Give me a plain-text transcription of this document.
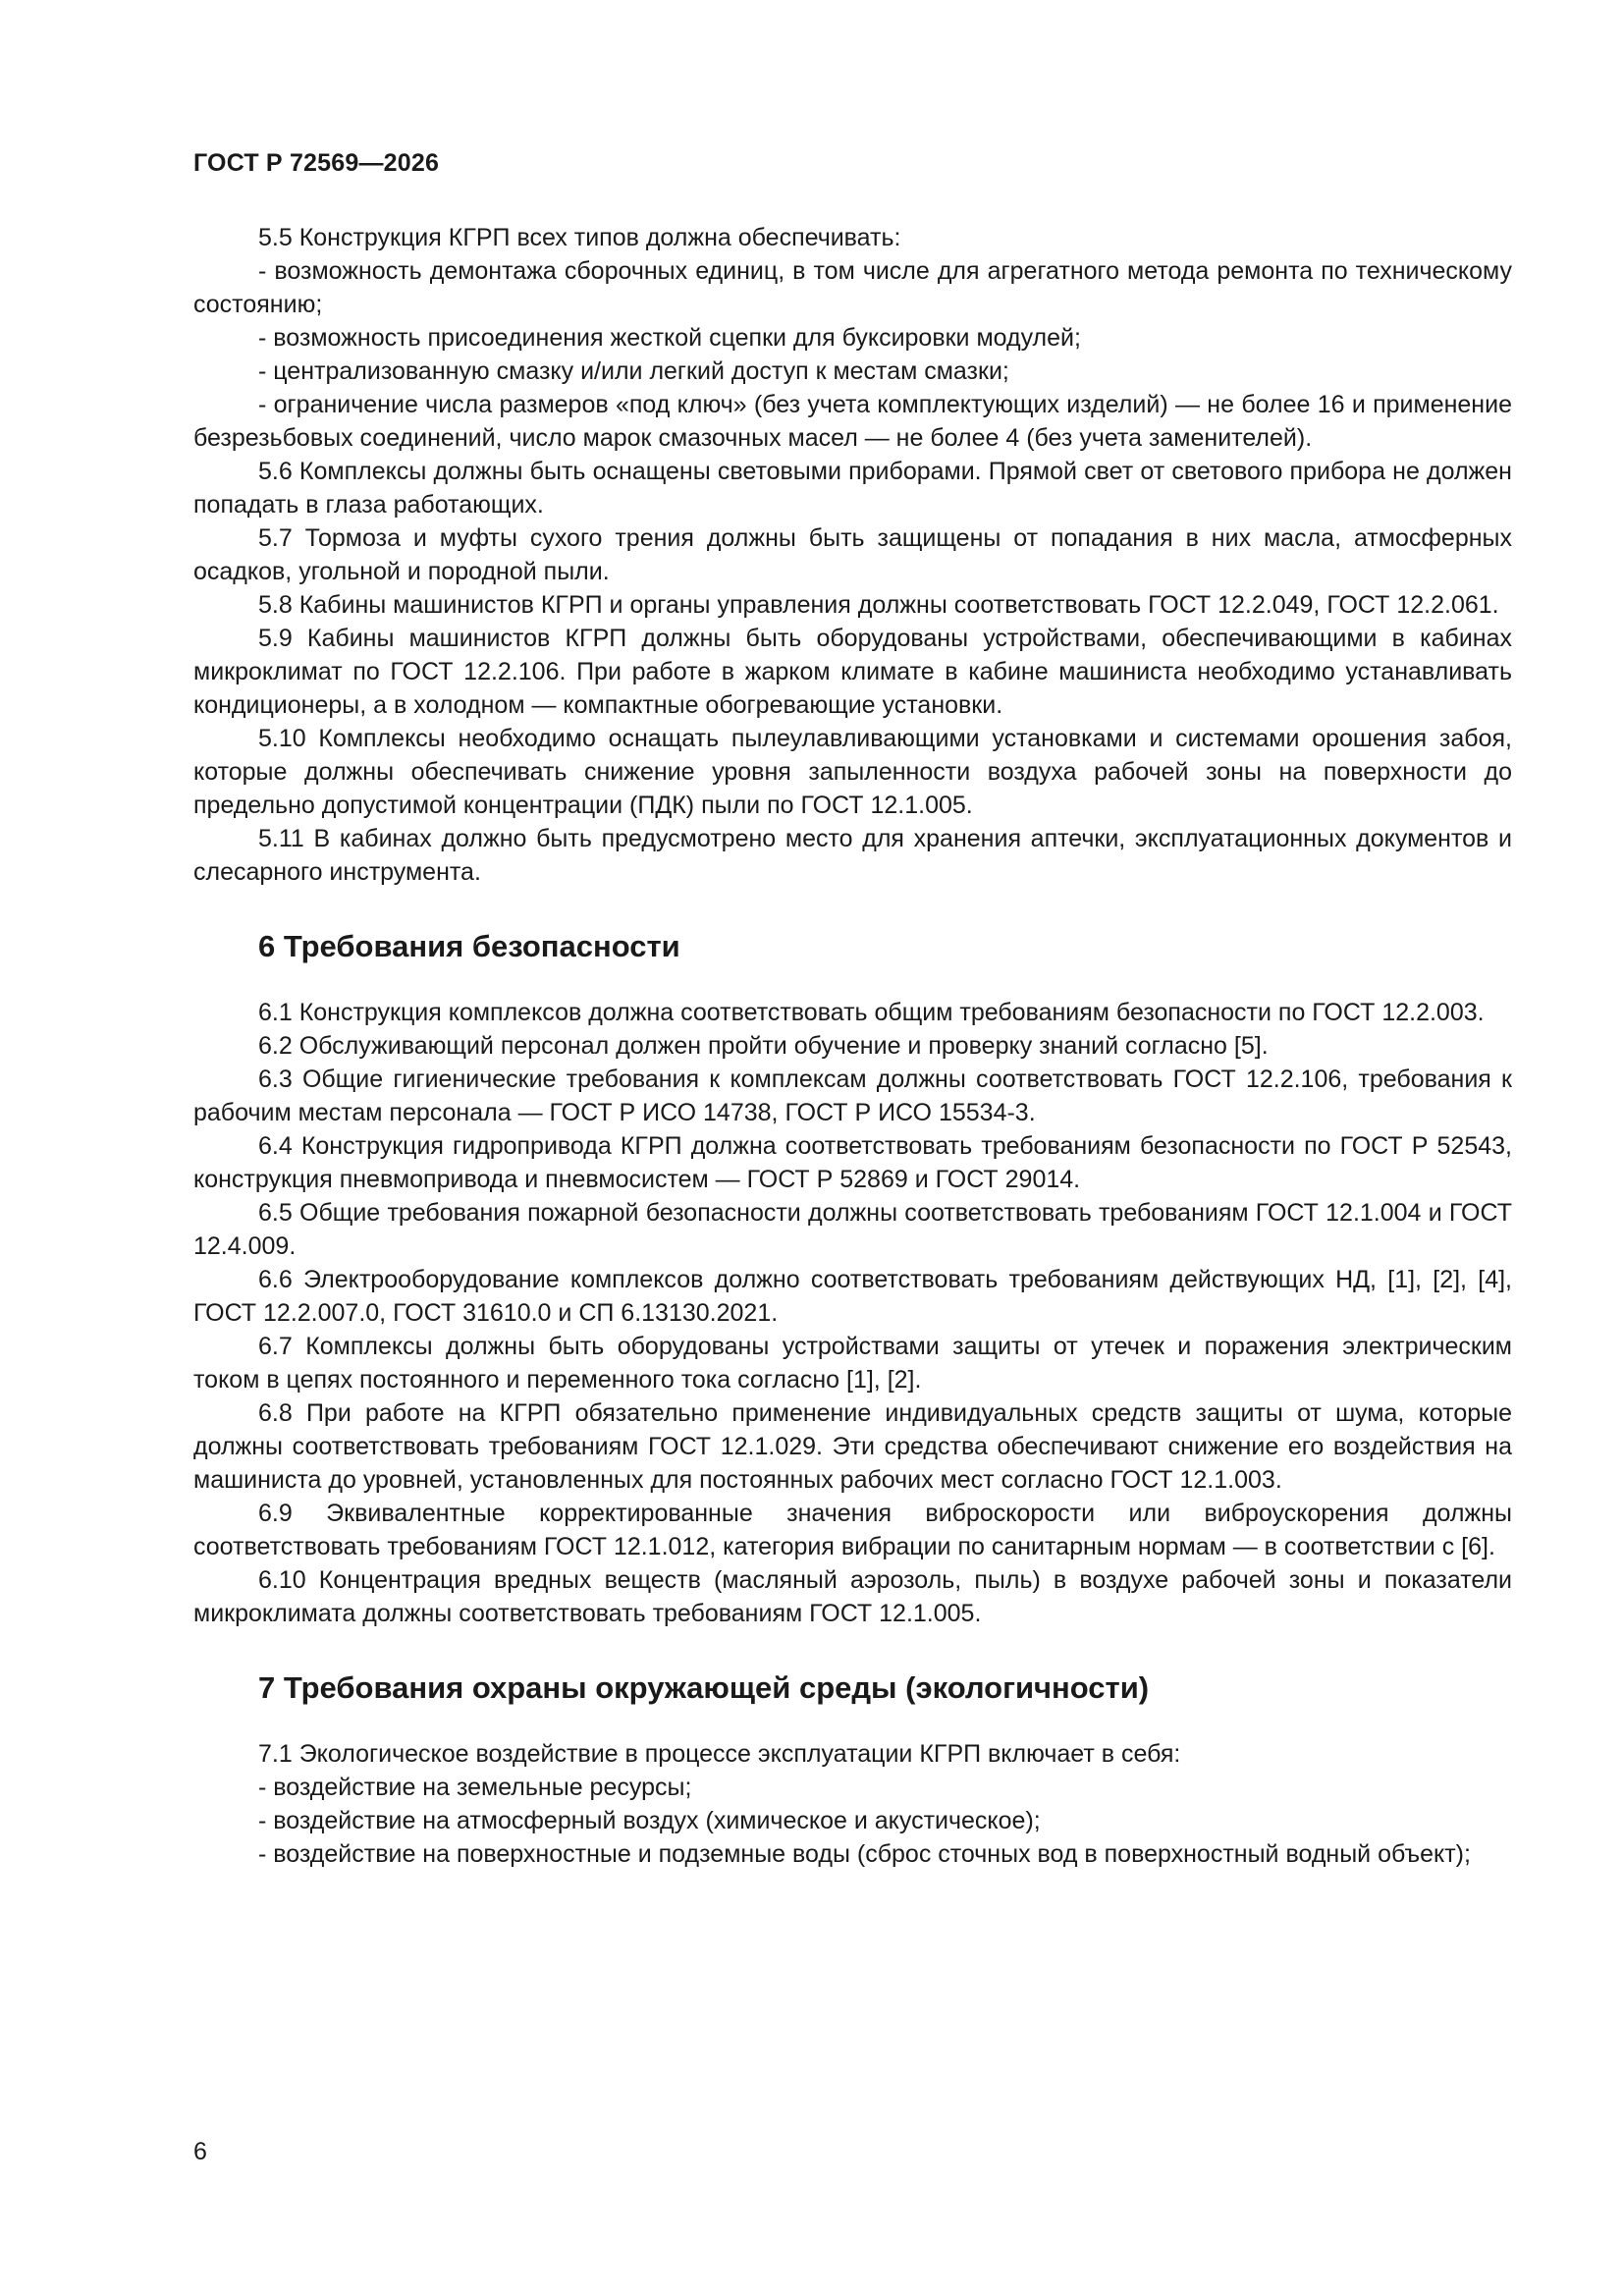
ГОСТ Р 72569—2026

5.5 Конструкция КГРП всех типов должна обеспечивать:

- возможность демонтажа сборочных единиц, в том числе для агрегатного метода ремонта по техническому состоянию;

- возможность присоединения жесткой сцепки для буксировки модулей;

- централизованную смазку и/или легкий доступ к местам смазки;

- ограничение числа размеров «под ключ» (без учета комплектующих изделий) — не более 16 и применение безрезьбовых соединений, число марок смазочных масел — не более 4 (без учета заменителей).

5.6 Комплексы должны быть оснащены световыми приборами. Прямой свет от светового прибора не должен попадать в глаза работающих.

5.7 Тормоза и муфты сухого трения должны быть защищены от попадания в них масла, атмосферных осадков, угольной и породной пыли.

5.8 Кабины машинистов КГРП и органы управления должны соответствовать ГОСТ 12.2.049, ГОСТ 12.2.061.

5.9 Кабины машинистов КГРП должны быть оборудованы устройствами, обеспечивающими в кабинах микроклимат по ГОСТ 12.2.106. При работе в жарком климате в кабине машиниста необходимо устанавливать кондиционеры, а в холодном — компактные обогревающие установки.

5.10 Комплексы необходимо оснащать пылеулавливающими установками и системами орошения забоя, которые должны обеспечивать снижение уровня запыленности воздуха рабочей зоны на поверхности до предельно допустимой концентрации (ПДК) пыли по ГОСТ 12.1.005.

5.11 В кабинах должно быть предусмотрено место для хранения аптечки, эксплуатационных документов и слесарного инструмента.

6 Требования безопасности

6.1 Конструкция комплексов должна соответствовать общим требованиям безопасности по ГОСТ 12.2.003.

6.2 Обслуживающий персонал должен пройти обучение и проверку знаний согласно [5].

6.3 Общие гигиенические требования к комплексам должны соответствовать ГОСТ 12.2.106, требования к рабочим местам персонала — ГОСТ Р ИСО 14738, ГОСТ Р ИСО 15534-3.

6.4 Конструкция гидропривода КГРП должна соответствовать требованиям безопасности по ГОСТ Р 52543, конструкция пневмопривода и пневмосистем — ГОСТ Р 52869 и ГОСТ 29014.

6.5 Общие требования пожарной безопасности должны соответствовать требованиям ГОСТ 12.1.004 и ГОСТ 12.4.009.

6.6 Электрооборудование комплексов должно соответствовать требованиям действующих НД, [1], [2], [4], ГОСТ 12.2.007.0, ГОСТ 31610.0 и СП 6.13130.2021.

6.7 Комплексы должны быть оборудованы устройствами защиты от утечек и поражения электрическим током в цепях постоянного и переменного тока согласно [1], [2].

6.8 При работе на КГРП обязательно применение индивидуальных средств защиты от шума, которые должны соответствовать требованиям ГОСТ 12.1.029. Эти средства обеспечивают снижение его воздействия на машиниста до уровней, установленных для постоянных рабочих мест согласно ГОСТ 12.1.003.

6.9 Эквивалентные корректированные значения виброскорости или виброускорения должны соответствовать требованиям ГОСТ 12.1.012, категория вибрации по санитарным нормам — в соответствии с [6].

6.10 Концентрация вредных веществ (масляный аэрозоль, пыль) в воздухе рабочей зоны и показатели микроклимата должны соответствовать требованиям ГОСТ 12.1.005.

7 Требования охраны окружающей среды (экологичности)

7.1 Экологическое воздействие в процессе эксплуатации КГРП включает в себя:

- воздействие на земельные ресурсы;

- воздействие на атмосферный воздух (химическое и акустическое);

- воздействие на поверхностные и подземные воды (сброс сточных вод в поверхностный водный объект);

6
